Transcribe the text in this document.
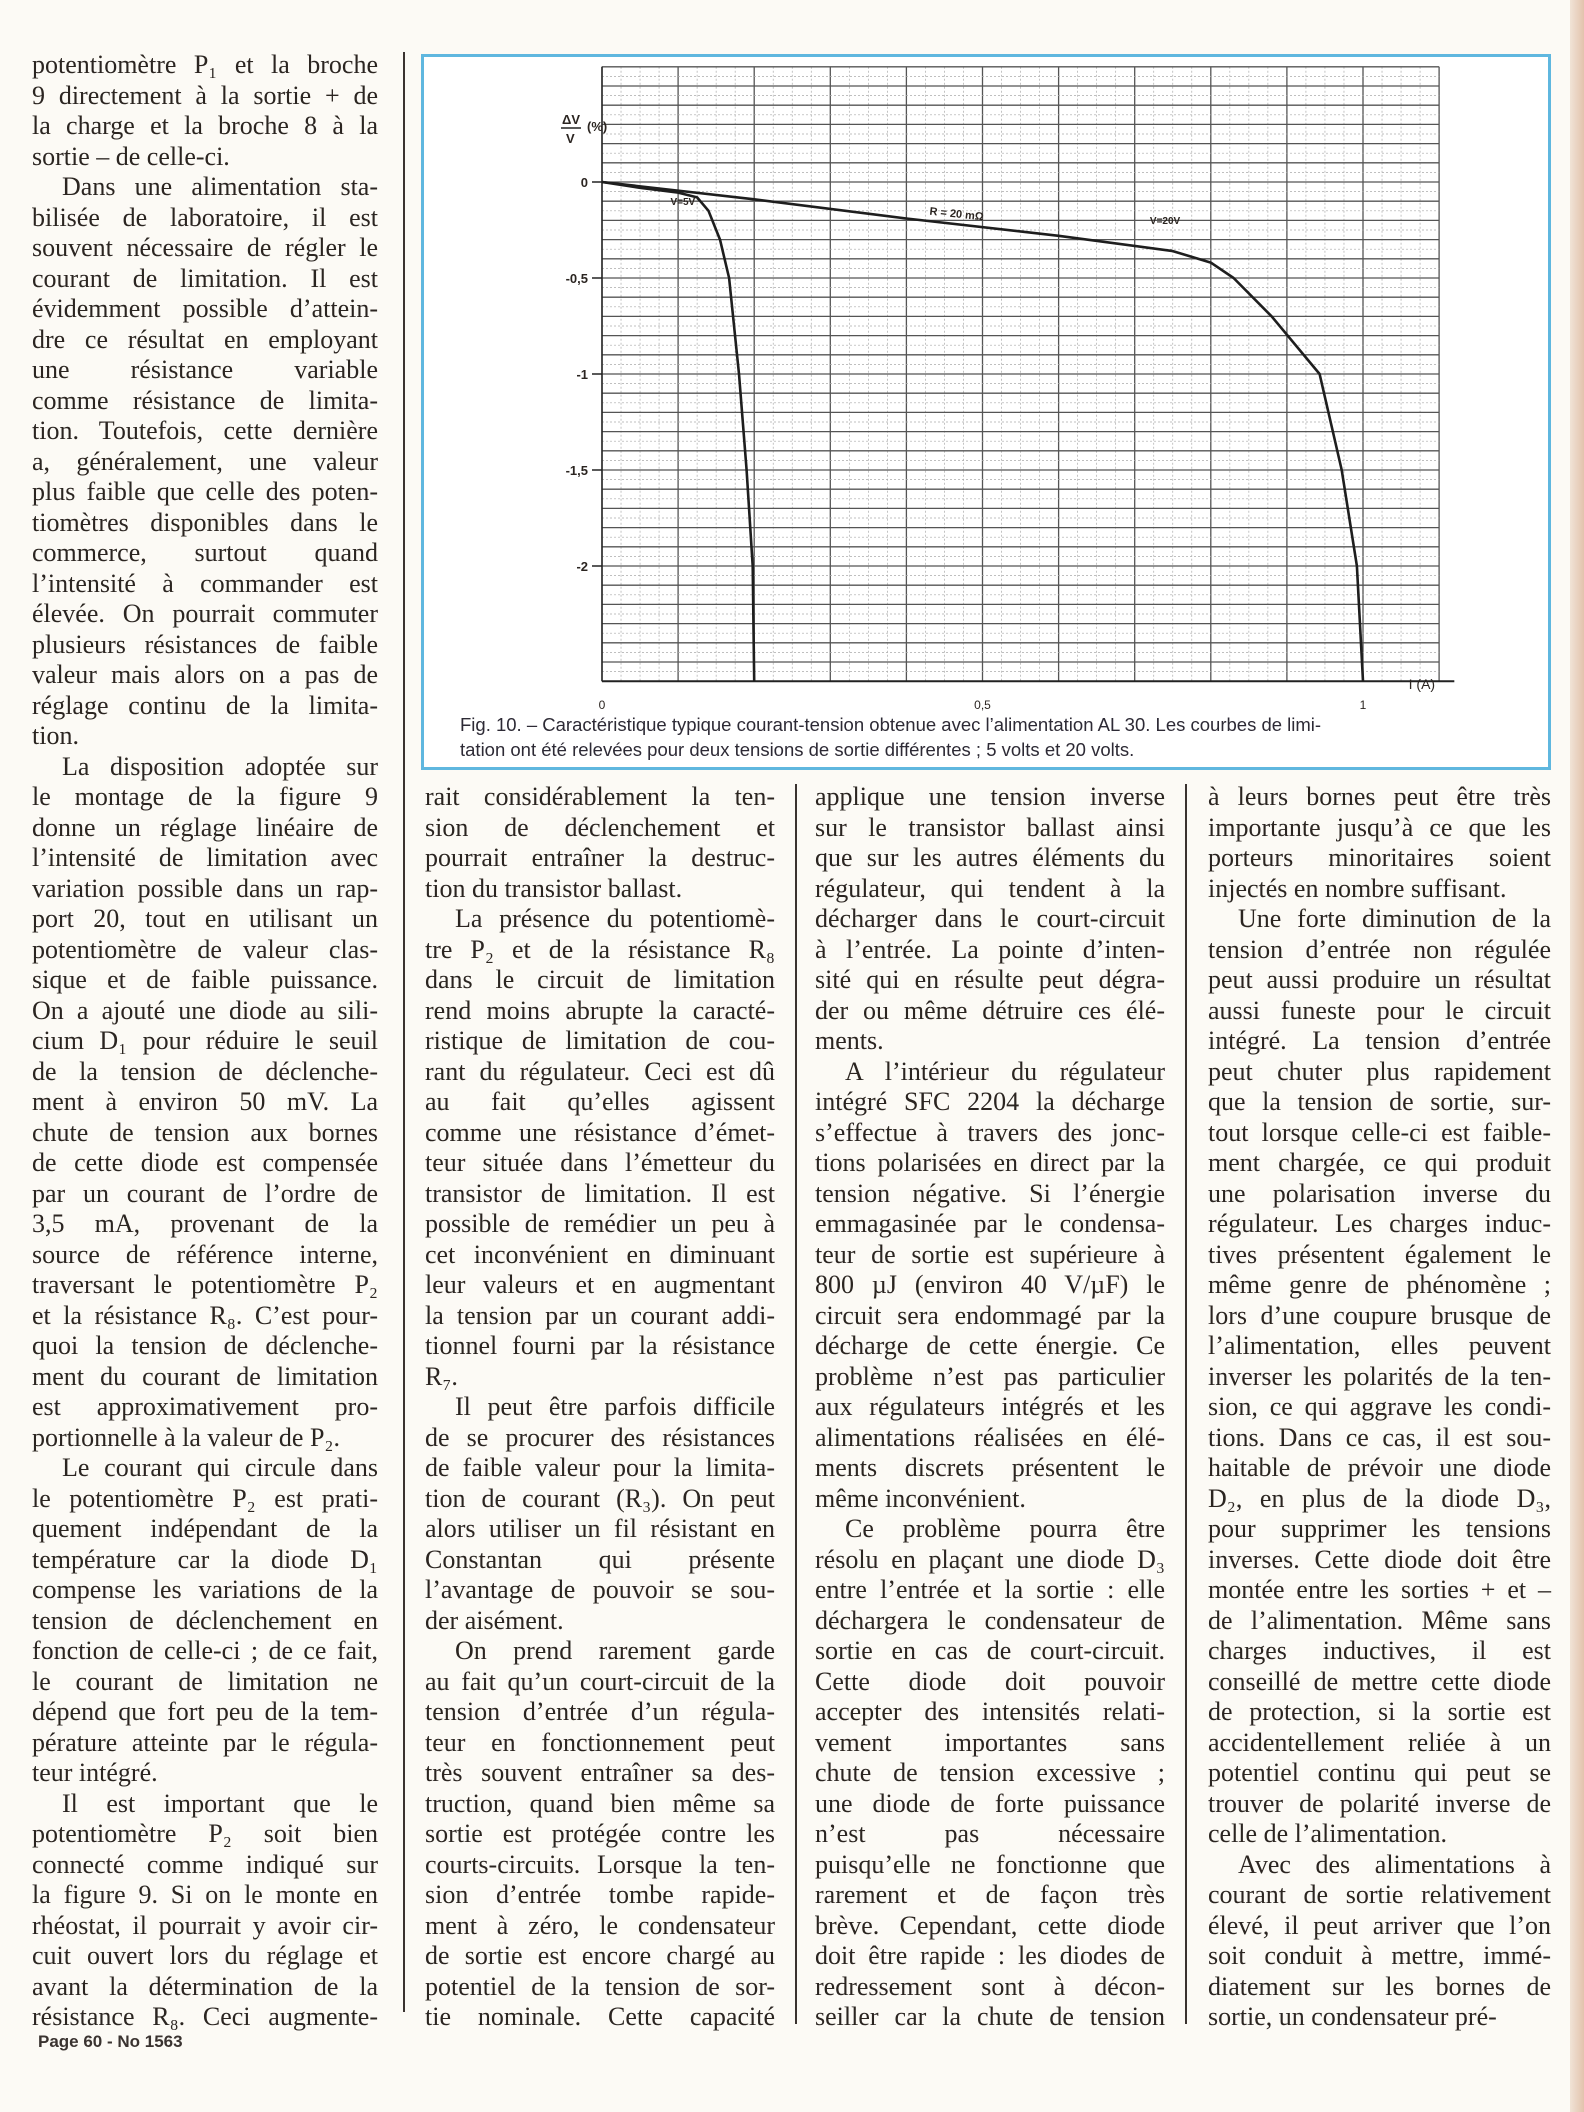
potentiomètre P₁ et la broche
9 directement à la sortie + de
la charge et la broche 8 à la
sortie – de celle-ci.
Dans une alimentation sta-
bilisée de laboratoire, il est
souvent nécessaire de régler le
courant de limitation. Il est
évidemment possible d’attein-
dre ce résultat en employant
une résistance variable
comme résistance de limita-
tion. Toutefois, cette dernière
a, généralement, une valeur
plus faible que celle des poten-
tiomètres disponibles dans le
commerce, surtout quand
l’intensité à commander est
élevée. On pourrait commuter
plusieurs résistances de faible
valeur mais alors on a pas de
réglage continu de la limita-
tion.
La disposition adoptée sur
le montage de la figure 9
donne un réglage linéaire de
l’intensité de limitation avec
variation possible dans un rap-
port 20, tout en utilisant un
potentiomètre de valeur clas-
sique et de faible puissance.
On a ajouté une diode au sili-
cium D₁ pour réduire le seuil
de la tension de déclenche-
ment à environ 50 mV. La
chute de tension aux bornes
de cette diode est compensée
par un courant de l’ordre de
3,5 mA, provenant de la
source de référence interne,
traversant le potentiomètre P₂
et la résistance R₈. C’est pour-
quoi la tension de déclenche-
ment du courant de limitation
est approximativement pro-
portionnelle à la valeur de P₂.
Le courant qui circule dans
le potentiomètre P₂ est prati-
quement indépendant de la
température car la diode D₁
compense les variations de la
tension de déclenchement en
fonction de celle-ci ; de ce fait,
le courant de limitation ne
dépend que fort peu de la tem-
pérature atteinte par le régula-
teur intégré.
Il est important que le
potentiomètre P₂ soit bien
connecté comme indiqué sur
la figure 9. Si on le monte en
rhéostat, il pourrait y avoir cir-
cuit ouvert lors du réglage et
avant la détermination de la
résistance R₈. Ceci augmente-
rait considérablement la ten-
sion de déclenchement et
pourrait entraîner la destruc-
tion du transistor ballast.
La présence du potentiomè-
tre P₂ et de la résistance R₈
dans le circuit de limitation
rend moins abrupte la caracté-
ristique de limitation de cou-
rant du régulateur. Ceci est dû
au fait qu’elles agissent
comme une résistance d’émet-
teur située dans l’émetteur du
transistor de limitation. Il est
possible de remédier un peu à
cet inconvénient en diminuant
leur valeurs et en augmentant
la tension par un courant addi-
tionnel fourni par la résistance
R₇.
Il peut être parfois difficile
de se procurer des résistances
de faible valeur pour la limita-
tion de courant (R₃). On peut
alors utiliser un fil résistant en
Constantan qui présente
l’avantage de pouvoir se sou-
der aisément.
On prend rarement garde
au fait qu’un court-circuit de la
tension d’entrée d’un régula-
teur en fonctionnement peut
très souvent entraîner sa des-
truction, quand bien même sa
sortie est protégée contre les
courts-circuits. Lorsque la ten-
sion d’entrée tombe rapide-
ment à zéro, le condensateur
de sortie est encore chargé au
potentiel de la tension de sor-
tie nominale. Cette capacité
applique une tension inverse
sur le transistor ballast ainsi
que sur les autres éléments du
régulateur, qui tendent à la
décharger dans le court-circuit
à l’entrée. La pointe d’inten-
sité qui en résulte peut dégra-
der ou même détruire ces élé-
ments.
A l’intérieur du régulateur
intégré SFC 2204 la décharge
s’effectue à travers des jonc-
tions polarisées en direct par la
tension négative. Si l’énergie
emmagasinée par le condensa-
teur de sortie est supérieure à
800 µJ (environ 40 V/µF) le
circuit sera endommagé par la
décharge de cette énergie. Ce
problème n’est pas particulier
aux régulateurs intégrés et les
alimentations réalisées en élé-
ments discrets présentent le
même inconvénient.
Ce problème pourra être
résolu en plaçant une diode D₃
entre l’entrée et la sortie : elle
déchargera le condensateur de
sortie en cas de court-circuit.
Cette diode doit pouvoir
accepter des intensités relati-
vement importantes sans
chute de tension excessive ;
une diode de forte puissance
n’est pas nécessaire
puisqu’elle ne fonctionne que
rarement et de façon très
brève. Cependant, cette diode
doit être rapide : les diodes de
redressement sont à décon-
seiller car la chute de tension
à leurs bornes peut être très
importante jusqu’à ce que les
porteurs minoritaires soient
injectés en nombre suffisant.
Une forte diminution de la
tension d’entrée non régulée
peut aussi produire un résultat
aussi funeste pour le circuit
intégré. La tension d’entrée
peut chuter plus rapidement
que la tension de sortie, sur-
tout lorsque celle-ci est faible-
ment chargée, ce qui produit
une polarisation inverse du
régulateur. Les charges induc-
tives présentent également le
même genre de phénomène ;
lors d’une coupure brusque de
l’alimentation, elles peuvent
inverser les polarités de la ten-
sion, ce qui aggrave les condi-
tions. Dans ce cas, il est sou-
haitable de prévoir une diode
D₂, en plus de la diode D₃,
pour supprimer les tensions
inverses. Cette diode doit être
montée entre les sorties + et –
de l’alimentation. Même sans
charges inductives, il est
conseillé de mettre cette diode
de protection, si la sortie est
accidentellement reliée à un
potentiel continu qui peut se
trouver de polarité inverse de
celle de l’alimentation.
Avec des alimentations à
courant de sortie relativement
élevé, il peut arriver que l’on
soit conduit à mettre, immé-
diatement sur les bornes de
sortie, un condensateur pré-
0	0,5	1
0
-0,5
-1
-1,5
-2
ΔV
V
(%)
I (A)
V=5V
V=20V
R = 20 mΩ
Fig. 10. – Caractéristique typique courant-tension obtenue avec l’alimentation AL 30. Les courbes de limi-
tation ont été relevées pour deux tensions de sortie différentes ; 5 volts et 20 volts.
Page 60 - No 1563
